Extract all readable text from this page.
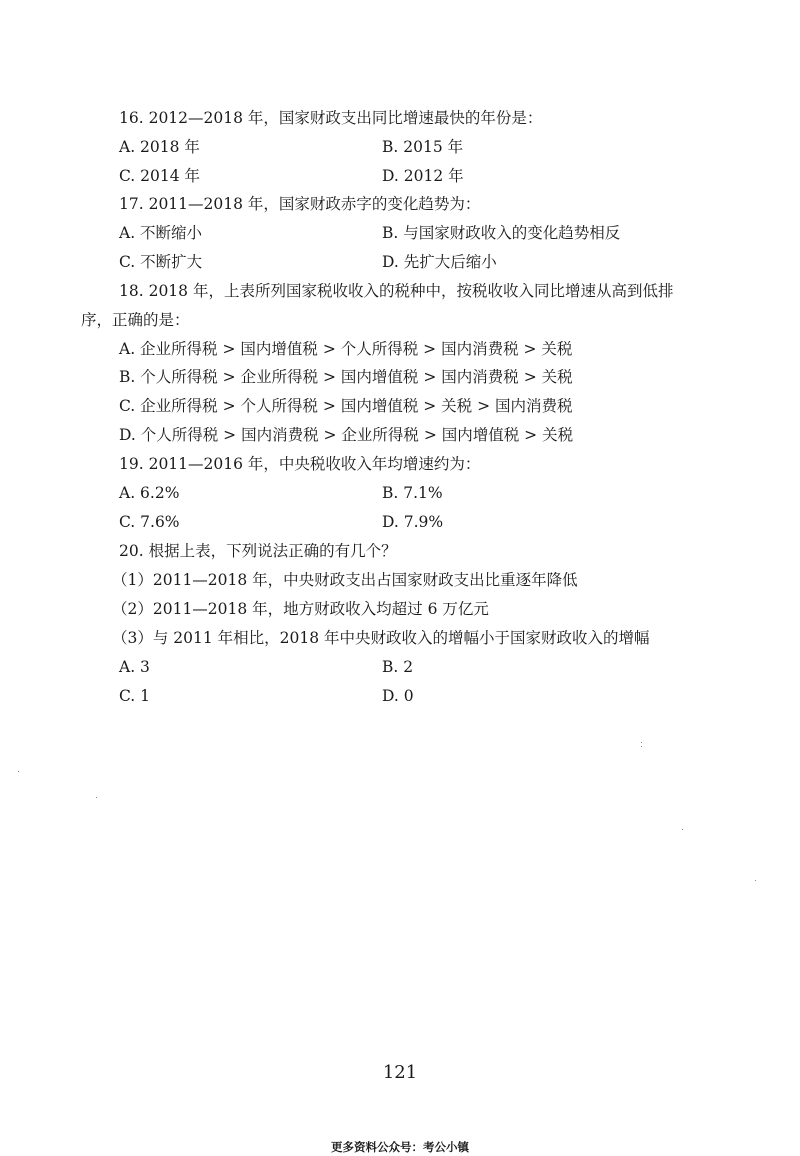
16. 2012—2018 年，国家财政支出同比增速最快的年份是：
A. 2018 年	B. 2015 年
C. 2014 年	D. 2012 年
17. 2011—2018 年，国家财政赤字的变化趋势为：
A. 不断缩小	B. 与国家财政收入的变化趋势相反
C. 不断扩大	D. 先扩大后缩小
18. 2018 年，上表所列国家税收收入的税种中，按税收收入同比增速从高到低排
序，正确的是：
A. 企业所得税 > 国内增值税 > 个人所得税 > 国内消费税 > 关税
B. 个人所得税 > 企业所得税 > 国内增值税 > 国内消费税 > 关税
C. 企业所得税 > 个人所得税 > 国内增值税 > 关税 > 国内消费税
D. 个人所得税 > 国内消费税 > 企业所得税 > 国内增值税 > 关税
19. 2011—2016 年，中央税收收入年均增速约为：
A. 6.2%	B. 7.1%
C. 7.6%	D. 7.9%
20. 根据上表，下列说法正确的有几个？
（1）2011—2018 年，中央财政支出占国家财政支出比重逐年降低
（2）2011—2018 年，地方财政收入均超过 6 万亿元
（3）与 2011 年相比，2018 年中央财政收入的增幅小于国家财政收入的增幅
A. 3	B. 2
C. 1	D. 0
121
更多资料公众号：考公小镇
